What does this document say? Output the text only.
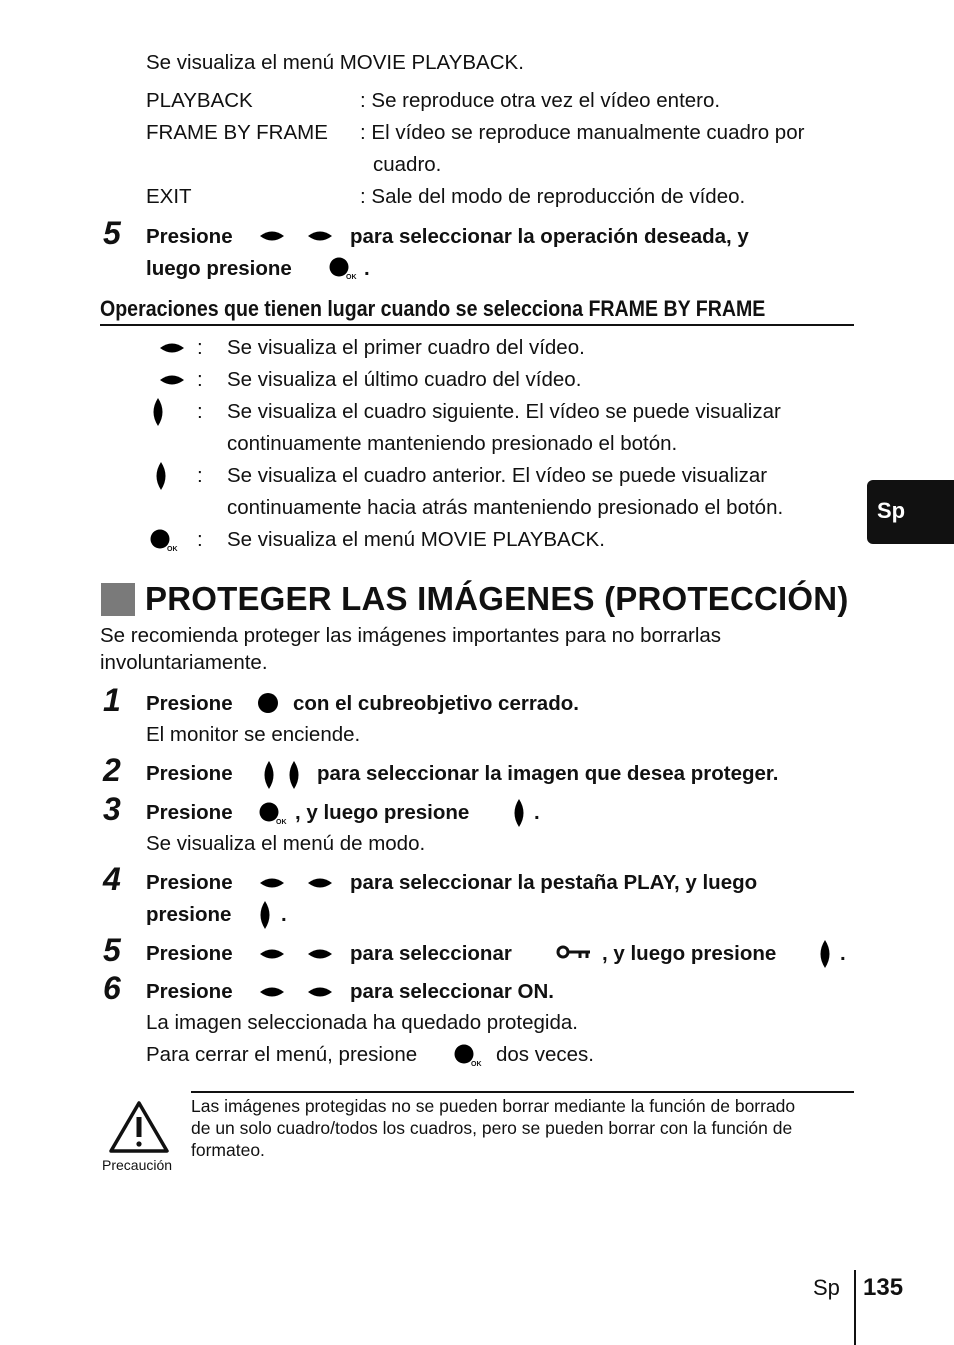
Se visualiza el menú MOVIE PLAYBACK.
PLAYBACK	: Se reproduce otra vez el vídeo entero.
FRAME BY FRAME : El vídeo se reproduce manualmente cuadro por
cuadro.
EXIT	: Sale del modo de reproducción de vídeo.
5 Presione	para seleccionar la operación deseada, y
luego presione	.
Operaciones que tienen lugar cuando se selecciona FRAME BY FRAME
: Se visualiza el primer cuadro del vídeo.
: Se visualiza el último cuadro del vídeo.
: Se visualiza el cuadro siguiente. El vídeo se puede visualizar
continuamente manteniendo presionado el botón.
: Se visualiza el cuadro anterior. El vídeo se puede visualizar
continuamente hacia atrás manteniendo presionado el botón.
: Se visualiza el menú MOVIE PLAYBACK.
PROTEGER LAS IMÁGENES (PROTECCIÓN)
Se recomienda proteger las imágenes importantes para no borrarlas
involuntariamente.
1 Presione	con el cubreobjetivo cerrado.
El monitor se enciende.
2 Presione	para seleccionar la imagen que desea proteger.
3 Presione	, y luego presione	.
Se visualiza el menú de modo.
4 Presione	para seleccionar la pestaña PLAY, y luego
presione .
5 Presione	para seleccionar	, y luego presione	.
6 Presione	para seleccionar ON.
La imagen seleccionada ha quedado protegida.
Para cerrar el menú, presione	dos veces.
Precaución
Las imágenes protegidas no se pueden borrar mediante la función de borrado
de un solo cuadro/todos los cuadros, pero se pueden borrar con la función de
formateo.
Sp
Sp 135
